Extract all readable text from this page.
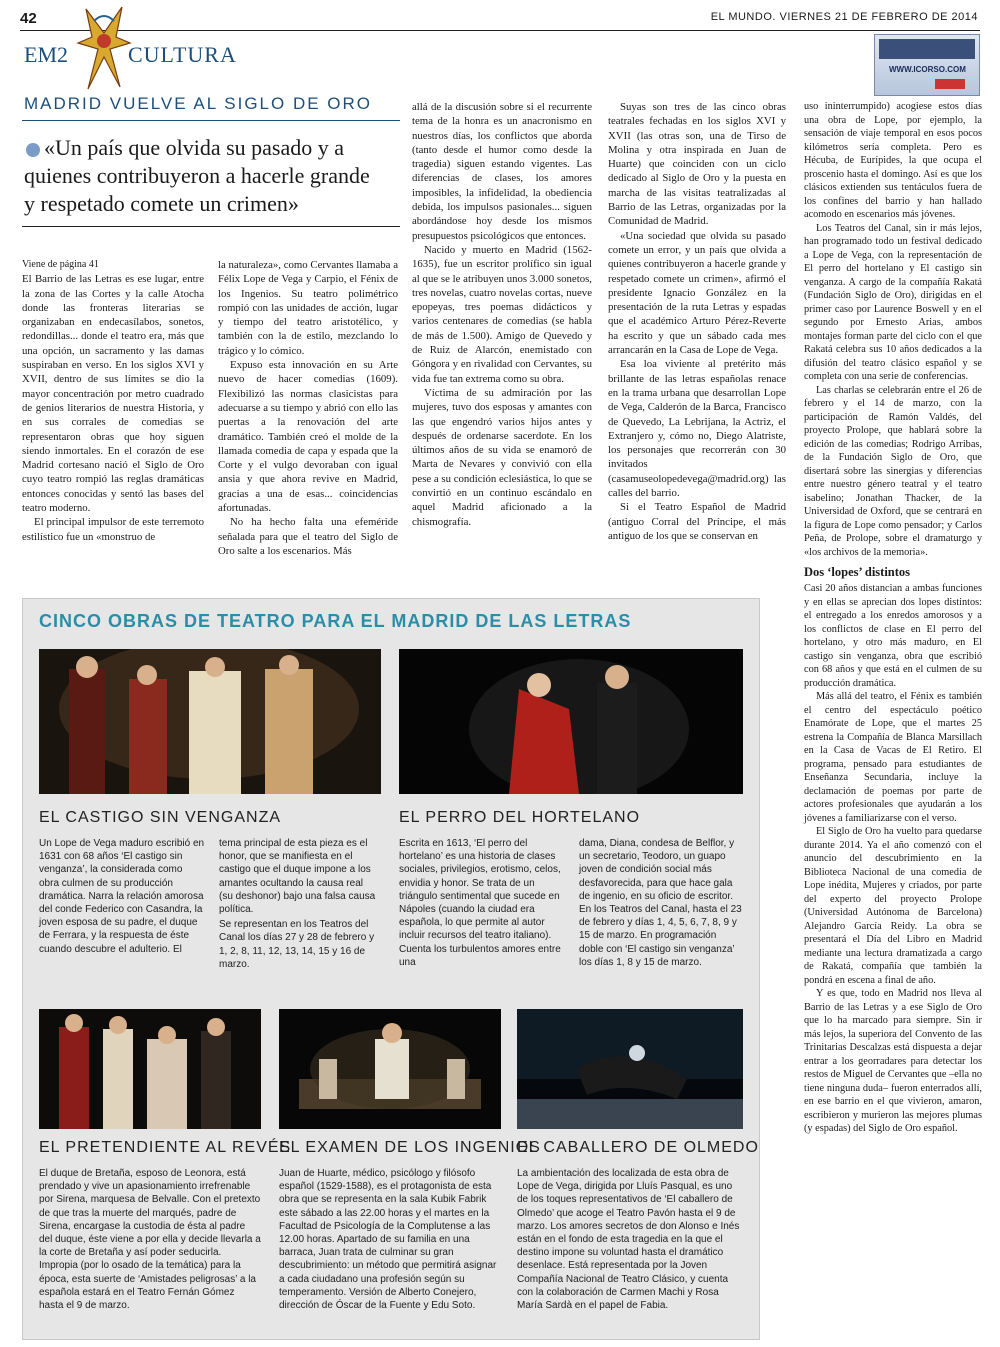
42	EL MUNDO. VIERNES 21 DE FEBRERO DE 2014
EM2	CULTURA
WWW.ICORSO.COM
MADRID VUELVE AL SIGLO DE ORO
«Un país que olvida su pasado y a quienes contribuyeron a hacerle grande y respetado comete un crimen»

Viene de página 41

El Barrio de las Letras es ese lugar, entre la zona de las Cortes y la calle Atocha donde las fronteras literarias se organizaban en endecasílabos, sonetos, redondillas... donde el teatro era, más que una opción, un sacramento y las damas suspiraban en verso. En los siglos XVI y XVII, dentro de sus límites se dio la mayor concentración por metro cuadrado de genios literarios de nuestra Historia, y en sus corrales de comedias se representaron obras que hoy siguen siendo inmortales. En el corazón de ese Madrid cortesano nació el Siglo de Oro cuyo teatro rompió las reglas dramáticas entonces conocidas y sentó las bases del teatro moderno.

El principal impulsor de este terremoto estilístico fue un «monstruo de

la naturaleza», como Cervantes llamaba a Félix Lope de Vega y Carpio, el Fénix de los Ingenios. Su teatro polimétrico rompió con las unidades de acción, lugar y tiempo del teatro aristotélico, y también con la de estilo, mezclando lo trágico y lo cómico.

Expuso esta innovación en su Arte nuevo de hacer comedias (1609). Flexibilizó las normas clasicistas para adecuarse a su tiempo y abrió con ello las puertas a la renovación del arte dramático. También creó el molde de la llamada comedia de capa y espada que la Corte y el vulgo devoraban con igual ansia y que ahora revive en Madrid, gracias a una de esas... coincidencias afortunadas.

No ha hecho falta una efeméride señalada para que el teatro del Siglo de Oro salte a los escenarios. Más

allá de la discusión sobre si el recurrente tema de la honra es un anacronismo en nuestros días, los conflictos que aborda (tanto desde el humor como desde la tragedia) siguen estando vigentes. Las diferencias de clases, los amores imposibles, la infidelidad, la obediencia debida, los impulsos pasionales... siguen abordándose hoy desde los mismos presupuestos psicológicos que entonces.

Nacido y muerto en Madrid (1562-1635), fue un escritor prolífico sin igual al que se le atribuyen unos 3.000 sonetos, tres novelas, cuatro novelas cortas, nueve epopeyas, tres poemas didácticos y varios centenares de comedias (se habla de más de 1.500). Amigo de Quevedo y de Ruiz de Alarcón, enemistado con Góngora y en rivalidad con Cervantes, su vida fue tan extrema como su obra.

Víctima de su admiración por las mujeres, tuvo dos esposas y amantes con las que engendró varios hijos antes y después de ordenarse sacerdote. En los últimos años de su vida se enamoró de Marta de Nevares y convivió con ella pese a su condición eclesiástica, lo que se convirtió en un continuo escándalo en aquel Madrid aficionado a la chismografía.

Suyas son tres de las cinco obras teatrales fechadas en los siglos XVI y XVII (las otras son, una de Tirso de Molina y otra inspirada en Juan de Huarte) que coinciden con un ciclo dedicado al Siglo de Oro y la puesta en marcha de las visitas teatralizadas al Barrio de las Letras, organizadas por la Comunidad de Madrid.

«Una sociedad que olvida su pasado comete un error, y un país que olvida a quienes contribuyeron a hacerle grande y respetado comete un crimen», afirmó el presidente Ignacio González en la presentación de la ruta Letras y espadas que el académico Arturo Pérez-Reverte ha escrito y que un sábado cada mes arrancarán en la Casa de Lope de Vega.

Esa loa viviente al pretérito más brillante de las letras españolas renace en la trama urbana que desarrollan Lope de Vega, Calderón de la Barca, Francisco de Quevedo, La Lebrijana, la Actriz, el Extranjero y, cómo no, Diego Alatriste, los personajes que recorrerán con 30 invitados (casamuseolopedevega@madrid.org) las calles del barrio.

Si el Teatro Español de Madrid (antiguo Corral del Príncipe, el más antiguo de los que se conservan en

uso ininterrumpido) acogiese estos días una obra de Lope, por ejemplo, la sensación de viaje temporal en esos pocos kilómetros sería completa. Pero es Hécuba, de Eurípides, la que ocupa el proscenio hasta el domingo. Así es que los clásicos extienden sus tentáculos fuera de los confines del barrio y han hallado acomodo en escenarios más jóvenes.

Los Teatros del Canal, sin ir más lejos, han programado todo un festival dedicado a Lope de Vega, con la representación de El perro del hortelano y El castigo sin venganza. A cargo de la compañía Rakatá (Fundación Siglo de Oro), dirigidas en el primer caso por Laurence Boswell y en el segundo por Ernesto Arias, ambos montajes forman parte del ciclo con el que Rakatá celebra sus 10 años dedicados a la difusión del teatro clásico español y se completa con una serie de conferencias.

Las charlas se celebrarán entre el 26 de febrero y el 14 de marzo, con la participación de Ramón Valdés, del proyecto Prolope, que hablará sobre la edición de las comedias; Rodrigo Arribas, de la Fundación Siglo de Oro, que disertará sobre las sinergias y diferencias entre nuestro género teatral y el teatro isabelino; Jonathan Thacker, de la Universidad de Oxford, que se centrará en la figura de Lope como pensador; y Carlos Peña, de Prolope, sobre el dramaturgo y «los archivos de la memoria».

Dos ‘lopes’ distintos

Casi 20 años distancian a ambas funciones y en ellas se aprecian dos lopes distintos: el entregado a los enredos amorosos y a los conflictos de clase en El perro del hortelano, y otro más maduro, en El castigo sin venganza, obra que escribió con 68 años y que está en el culmen de su producción dramática.

Más allá del teatro, el Fénix es también el centro del espectáculo poético Enamórate de Lope, que el martes 25 estrena la Compañía de Blanca Marsillach en la Casa de Vacas de El Retiro. El programa, pensado para estudiantes de Enseñanza Secundaria, incluye la declamación de poemas por parte de actores profesionales que ayudarán a los jóvenes a familiarizarse con el verso.

El Siglo de Oro ha vuelto para quedarse durante 2014. Ya el año comenzó con el anuncio del descubrimiento en la Biblioteca Nacional de una comedia de Lope inédita, Mujeres y criados, por parte del experto del proyecto Prolope (Universidad Autónoma de Barcelona) Alejandro García Reidy. La obra se presentará el Día del Libro en Madrid mediante una lectura dramatizada a cargo de Rakatá, compañía que también la pondrá en escena a final de año.

Y es que, todo en Madrid nos lleva al Barrio de las Letras y a ese Siglo de Oro que lo ha marcado para siempre. Sin ir más lejos, la superiora del Convento de las Trinitarias Descalzas está dispuesta a dejar entrar a los georradares para detectar los restos de Miguel de Cervantes que –ella no tiene ninguna duda– fueron enterrados allí, en ese barrio en el que vivieron, amaron, escribieron y murieron las mejores plumas (y espadas) del Siglo de Oro español.

CINCO OBRAS DE TEATRO PARA EL MADRID DE LAS LETRAS
EL CASTIGO SIN VENGANZA

Un Lope de Vega maduro escribió en 1631 con 68 años ‘El castigo sin venganza’, la considerada como obra culmen de su producción dramática. Narra la relación amorosa del conde Federico con Casandra, la joven esposa de su padre, el duque de Ferrara, y la respuesta de éste cuando descubre el adulterio. El

tema principal de esta pieza es el honor, que se manifiesta en el castigo que el duque impone a los amantes ocultando la causa real (su deshonor) bajo una falsa causa política.

Se representan en los Teatros del Canal los días 27 y 28 de febrero y 1, 2, 8, 11, 12, 13, 14, 15 y 16 de marzo.

EL PERRO DEL HORTELANO

Escrita en 1613, ‘El perro del hortelano’ es una historia de clases sociales, privilegios, erotismo, celos, envidia y honor. Se trata de un triángulo sentimental que sucede en Nápoles (cuando la ciudad era española, lo que permite al autor incluir recursos del teatro italiano). Cuenta los turbulentos amores entre una

dama, Diana, condesa de Belflor, y un secretario, Teodoro, un guapo joven de condición social más desfavorecida, para que hace gala de ingenio, en su oficio de escritor. En los Teatros del Canal, hasta el 23 de febrero y días 1, 4, 5, 6, 7, 8, 9 y 15 de marzo. En programación doble con ‘El castigo sin venganza’ los días 1, 8 y 15 de marzo.

EL PRETENDIENTE AL REVÉS

El duque de Bretaña, esposo de Leonora, está prendado y vive un apasionamiento irrefrenable por Sirena, marquesa de Belvalle. Con el pretexto de que tras la muerte del marqués, padre de Sirena, encargase la custodia de ésta al padre del duque, éste viene a por ella y decide llevarla a la corte de Bretaña y así poder seducirla. Impropia (por lo osado de la temática) para la época, esta suerte de ‘Amistades peligrosas’ a la española estará en el Teatro Fernán Gómez hasta el 9 de marzo.

EL EXAMEN DE LOS INGENIOS

Juan de Huarte, médico, psicólogo y filósofo español (1529-1588), es el protagonista de esta obra que se representa en la sala Kubik Fabrik este sábado a las 22.00 horas y el martes en la Facultad de Psicología de la Complutense a las 12.00 horas. Apartado de su familia en una barraca, Juan trata de culminar su gran descubrimiento: un método que permitirá asignar a cada ciudadano una profesión según su temperamento. Versión de Alberto Conejero, dirección de Óscar de la Fuente y Edu Soto.

EL CABALLERO DE OLMEDO

La ambientación des localizada de esta obra de Lope de Vega, dirigida por Lluís Pasqual, es uno de los toques representativos de ‘El caballero de Olmedo’ que acoge el Teatro Pavón hasta el 9 de marzo. Los amores secretos de don Alonso e Inés están en el fondo de esta tragedia en la que el destino impone su voluntad hasta el dramático desenlace. Está representada por la Joven Compañía Nacional de Teatro Clásico, y cuenta con la colaboración de Carmen Machi y Rosa María Sardà en el papel de Fabia.
